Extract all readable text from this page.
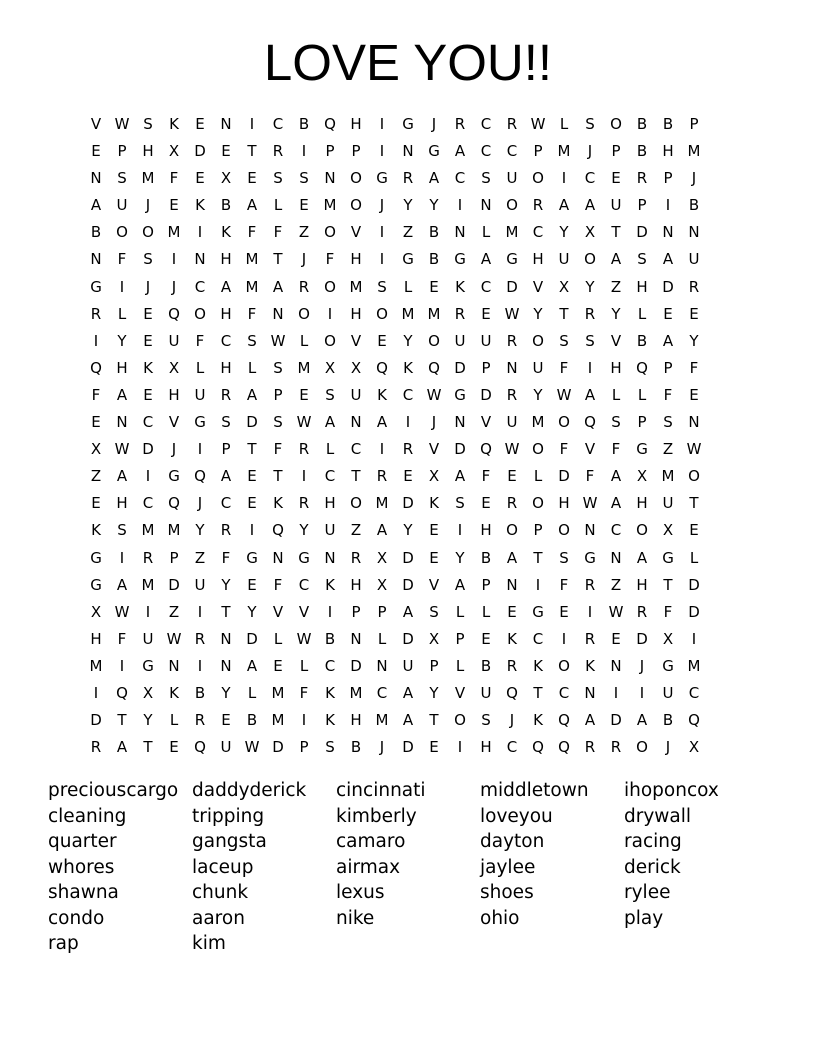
LOVE YOU!!
V W S	K	E	N	I	C	B Q H	I	G	J	R	C	R W L	S	O B	B	P
E	P	H	X	D	E	T	R	I	P	P	I	N G	A	C	C	P	M	J	P	B	H M
N	S M	F	E	X	E	S	S	N O G R	A	C	S	U O	I	C	E	R	P	J
A	U	J	E	K	B	A	L	E M O	J	Y	Y	I	N O R	A	A	U	P	I	B
B O O M	I	K	F	F	Z O V	I	Z	B	N	L	M C	Y	X	T	D N N
N	F	S	I	N H M T	J	F	H	I	G	B	G	A	G H U O A	S	A	U
G	I	J	J	C	A M A	R O M S	L	E	K	C D	V	X	Y	Z	H D	R
R	L	E	Q O H	F	N O	I	H O M M R	E W Y	T	R	Y	L	E	E
I	Y	E	U	F	C	S W L	O V	E	Y	O U	U	R O	S	S	V	B	A	Y
Q H	K	X	L	H	L	S M X	X Q	K	Q D	P	N U	F	I	H Q	P	F
F	A	E	H U	R	A	P	E	S	U	K	C W G D	R	Y W A	L	L	F	E
E	N	C	V	G	S	D	S W A	N	A	I	J	N	V	U M O Q	S	P	S	N
X W D	J	I	P	T	F	R	L	C	I	R	V	D Q W O	F	V	F	G	Z W
Z	A	I	G Q A	E	T	I	C	T	R	E	X	A	F	E	L	D	F	A	X M O
E	H	C Q	J	C	E	K	R	H O M D	K	S	E	R O H W A	H U	T
K	S M M Y	R	I	Q	Y	U	Z	A	Y	E	I	H O	P	O N	C O X	E
G	I	R	P	Z	F	G N G N	R	X	D	E	Y	B	A	T	S	G N	A	G	L
G	A M D U	Y	E	F	C	K	H	X	D	V	A	P	N	I	F	R	Z	H	T	D
X W	I	Z	I	T	Y	V	V	I	P	P	A	S	L	L	E	G	E	I	W R	F	D
H	F	U W R	N D	L W B	N	L	D	X	P	E	K	C	I	R	E	D	X	I
M	I	G N	I	N	A	E	L	C D N U	P	L	B	R	K	O	K	N	J	G M
I	Q X	K	B	Y	L	M	F	K M C	A	Y	V	U Q	T	C	N	I	I	U	C
D	T	Y	L	R	E	B M	I	K	H M A	T	O	S	J	K	Q A	D	A	B Q
R	A	T	E	Q U W D	P	S	B	J	D	E	I	H	C Q Q R	R O	J	X
preciouscargo
cleaning
quarter
whores
shawna
condo
rap
daddyderick
tripping
gangsta
laceup
chunk
aaron
kim
cincinnati
kimberly
camaro
airmax
lexus
nike
middletown
loveyou
dayton
jaylee
shoes
ohio
ihoponcox
drywall
racing
derick
rylee
play
